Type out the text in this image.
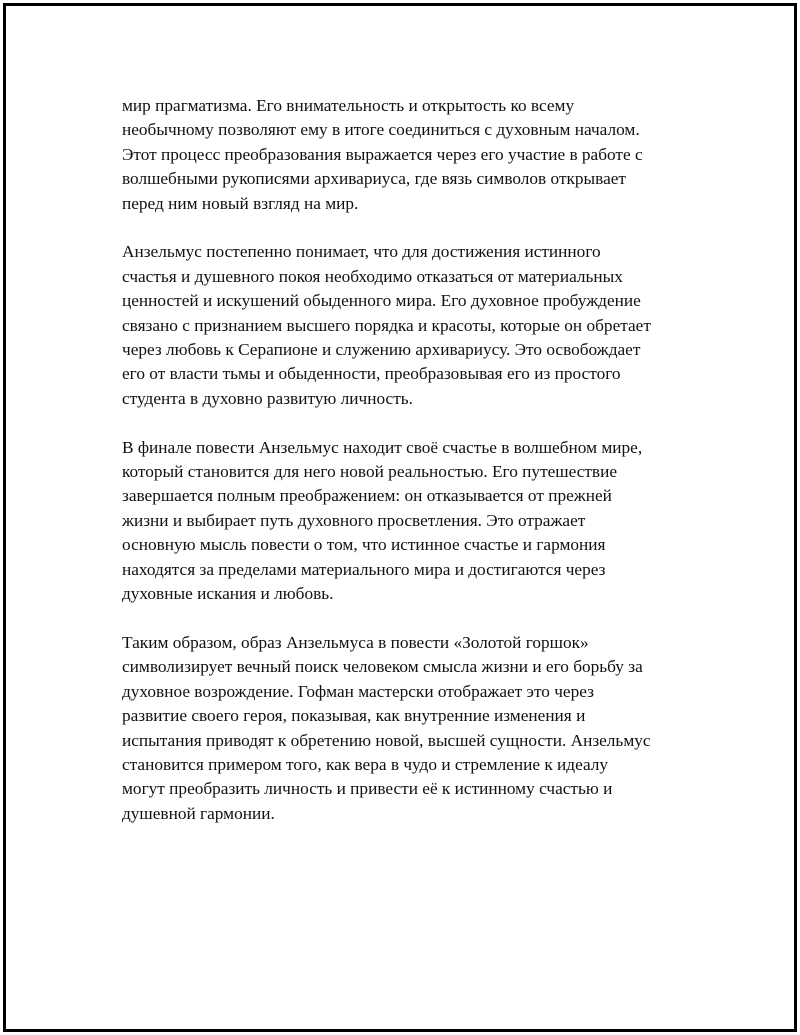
мир прагматизма. Его внимательность и открытость ко всему
необычному позволяют ему в итоге соединиться с духовным началом.
Этот процесс преобразования выражается через его участие в работе с
волшебными рукописями архивариуса, где вязь символов открывает
перед ним новый взгляд на мир.

Анзельмус постепенно понимает, что для достижения истинного
счастья и душевного покоя необходимо отказаться от материальных
ценностей и искушений обыденного мира. Его духовное пробуждение
связано с признанием высшего порядка и красоты, которые он обретает
через любовь к Серапионе и служению архивариусу. Это освобождает
его от власти тьмы и обыденности, преобразовывая его из простого
студента в духовно развитую личность.

В финале повести Анзельмус находит своё счастье в волшебном мире,
который становится для него новой реальностью. Его путешествие
завершается полным преображением: он отказывается от прежней
жизни и выбирает путь духовного просветления. Это отражает
основную мысль повести о том, что истинное счастье и гармония
находятся за пределами материального мира и достигаются через
духовные искания и любовь.

Таким образом, образ Анзельмуса в повести «Золотой горшок»
символизирует вечный поиск человеком смысла жизни и его борьбу за
духовное возрождение. Гофман мастерски отображает это через
развитие своего героя, показывая, как внутренние изменения и
испытания приводят к обретению новой, высшей сущности. Анзельмус
становится примером того, как вера в чудо и стремление к идеалу
могут преобразить личность и привести её к истинному счастью и
душевной гармонии.
